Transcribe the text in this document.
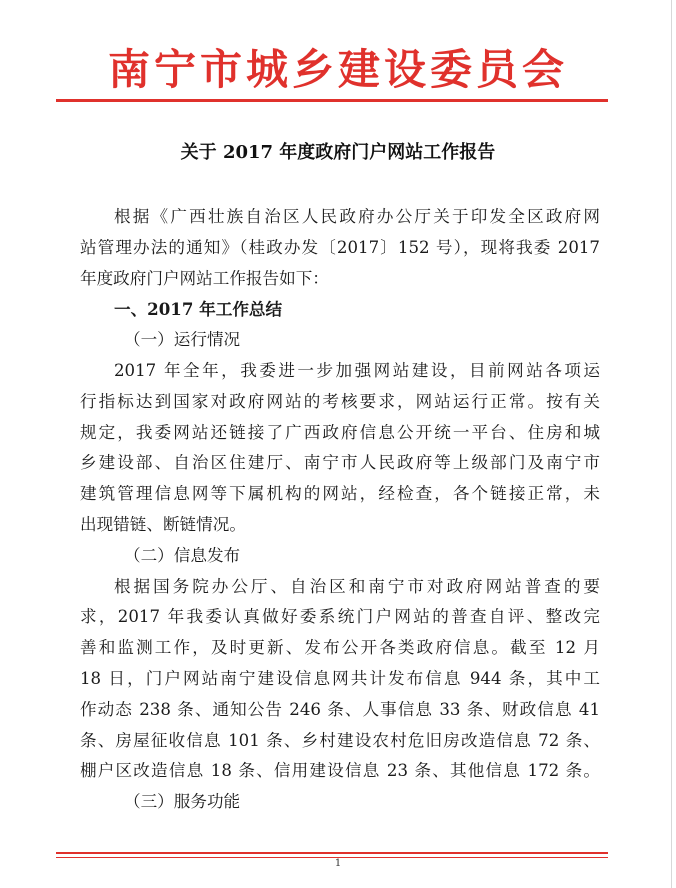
南宁市城乡建设委员会
关于 2017 年度政府门户网站工作报告
根据《广西壮族自治区人民政府办公厅关于印发全区政府网
站管理办法的通知》（桂政办发〔2017〕152 号），现将我委 2017
年度政府门户网站工作报告如下：
一、2017 年工作总结
（一）运行情况
2017 年全年，我委进一步加强网站建设，目前网站各项运
行指标达到国家对政府网站的考核要求，网站运行正常。按有关
规定，我委网站还链接了广西政府信息公开统一平台、住房和城
乡建设部、自治区住建厅、南宁市人民政府等上级部门及南宁市
建筑管理信息网等下属机构的网站，经检查，各个链接正常，未
出现错链、断链情况。
（二）信息发布
根据国务院办公厅、自治区和南宁市对政府网站普查的要
求，2017 年我委认真做好委系统门户网站的普查自评、整改完
善和监测工作，及时更新、发布公开各类政府信息。截至 12 月
18 日，门户网站南宁建设信息网共计发布信息 944 条，其中工
作动态 238 条、通知公告 246 条、人事信息 33 条、财政信息 41
条、房屋征收信息 101 条、乡村建设农村危旧房改造信息 72 条、
棚户区改造信息 18 条、信用建设信息 23 条、其他信息 172 条。
（三）服务功能
1
